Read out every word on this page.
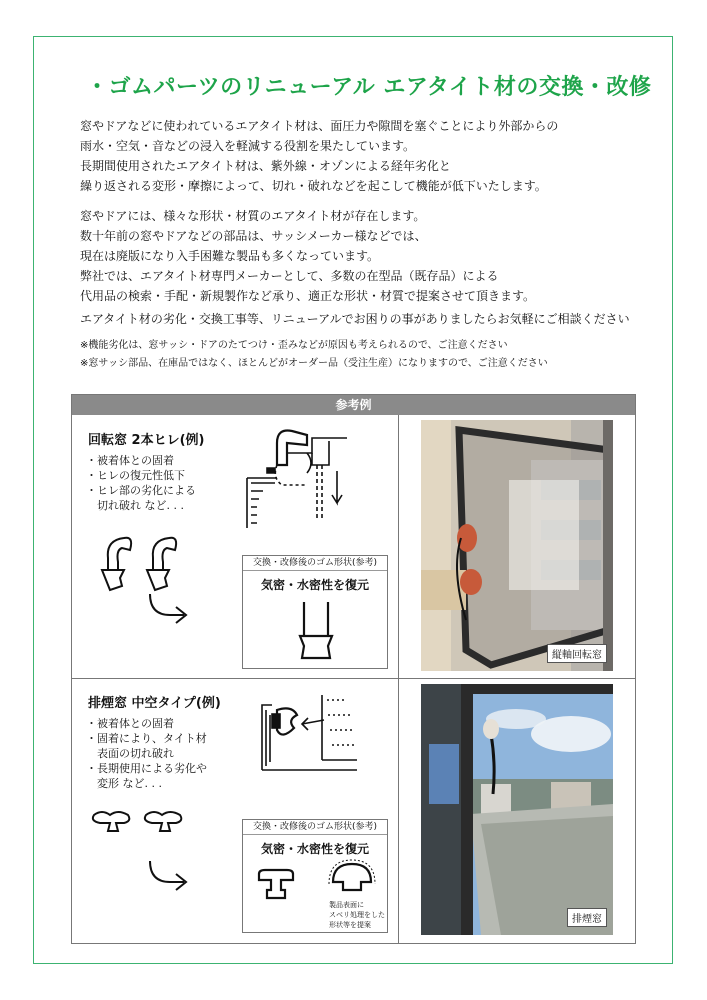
・ゴムパーツのリニューアル エアタイト材の交換・改修
窓やドアなどに使われているエアタイト材は、面圧力や隙間を塞ぐことにより外部からの
雨水・空気・音などの浸入を軽減する役割を果たしています。
長期間使用されたエアタイト材は、紫外線・オゾンによる経年劣化と
繰り返される変形・摩擦によって、切れ・破れなどを起こして機能が低下いたします。
窓やドアには、様々な形状・材質のエアタイト材が存在します。
数十年前の窓やドアなどの部品は、サッシメーカー様などでは、
現在は廃版になり入手困難な製品も多くなっています。
弊社では、エアタイト材専門メーカーとして、多数の在型品（既存品）による
代用品の検索・手配・新規製作など承り、適正な形状・材質で提案させて頂きます。
エアタイト材の劣化・交換工事等、リニューアルでお困りの事がありましたらお気軽にご相談ください
※機能劣化は、窓サッシ・ドアのたてつけ・歪みなどが原因も考えられるので、ご注意ください
※窓サッシ部品、在庫品ではなく、ほとんどがオーダー品（受注生産）になりますので、ご注意ください
参考例
回転窓 2本ヒレ(例)
・被着体との固着
・ヒレの復元性低下
・ヒレ部の劣化による
　切れ破れ など. . .
交換・改修後のゴム形状(参考)
気密・水密性を復元
縦軸回転窓
排煙窓 中空タイプ(例)
・被着体との固着
・固着により、タイト材
　表面の切れ破れ
・長期使用による劣化や
　変形 など. . .
交換・改修後のゴム形状(参考)
気密・水密性を復元
製品表面に
スベリ処理をした
形状等を提案	排煙窓
